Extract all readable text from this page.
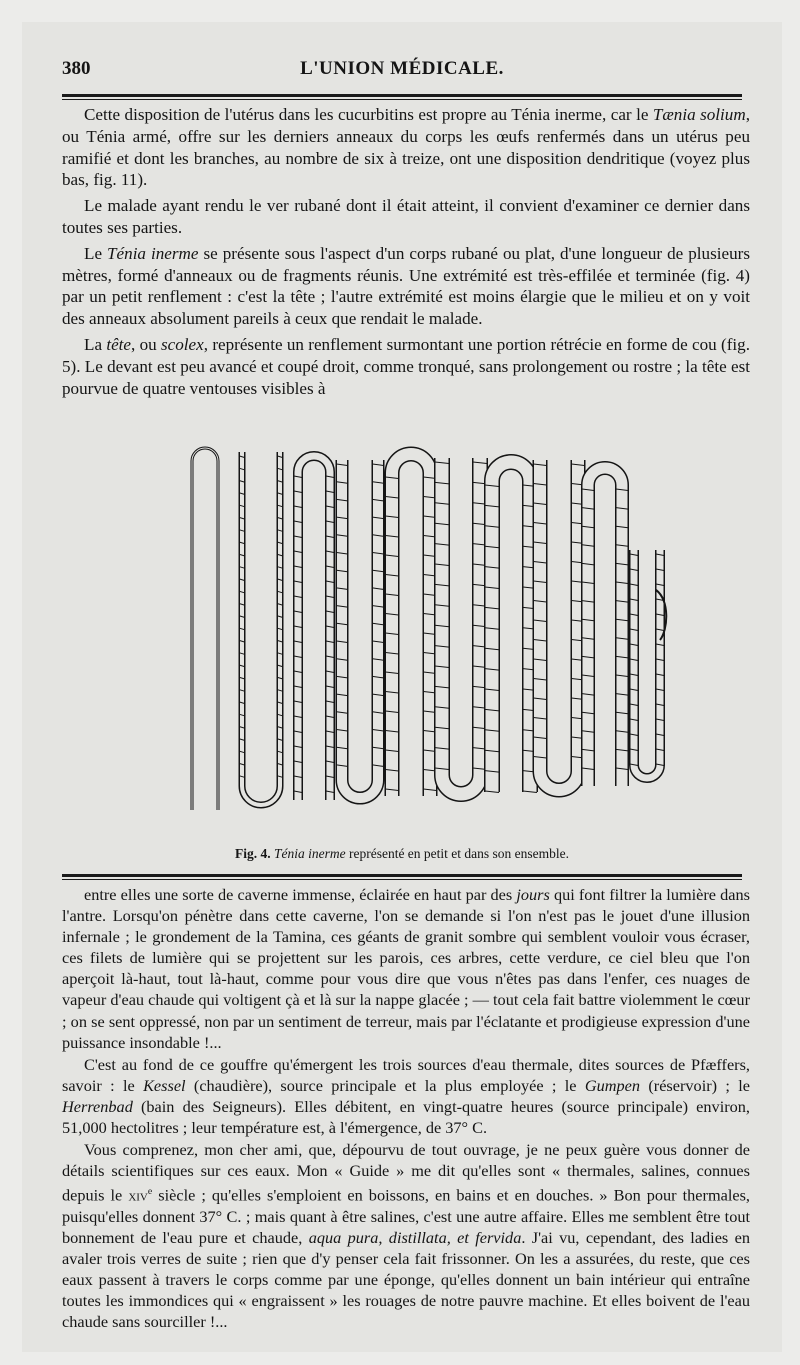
380	L'UNION MÉDICALE.

Cette disposition de l'utérus dans les cucurbitins est propre au Ténia inerme, car le Tænia solium, ou Ténia armé, offre sur les derniers anneaux du corps les œufs renfermés dans un utérus peu ramifié et dont les branches, au nombre de six à treize, ont une disposition dendritique (voyez plus bas, fig. 11).

Le malade ayant rendu le ver rubané dont il était atteint, il convient d'examiner ce dernier dans toutes ses parties.

Le Ténia inerme se présente sous l'aspect d'un corps rubané ou plat, d'une longueur de plusieurs mètres, formé d'anneaux ou de fragments réunis. Une extrémité est très-effilée et terminée (fig. 4) par un petit renflement : c'est la tête ; l'autre extrémité est moins élargie que le milieu et on y voit des anneaux absolument pareils à ceux que rendait le malade.

La tête, ou scolex, représente un renflement surmontant une portion rétrécie en forme de cou (fig. 5). Le devant est peu avancé et coupé droit, comme tronqué, sans prolongement ou rostre ; la tête est pourvue de quatre ventouses visibles à

Fig. 4. Ténia inerme représenté en petit et dans son ensemble.

entre elles une sorte de caverne immense, éclairée en haut par des jours qui font filtrer la lumière dans l'antre. Lorsqu'on pénètre dans cette caverne, l'on se demande si l'on n'est pas le jouet d'une illusion infernale ; le grondement de la Tamina, ces géants de granit sombre qui semblent vouloir vous écraser, ces filets de lumière qui se projettent sur les parois, ces arbres, cette verdure, ce ciel bleu que l'on aperçoit là-haut, tout là-haut, comme pour vous dire que vous n'êtes pas dans l'enfer, ces nuages de vapeur d'eau chaude qui voltigent çà et là sur la nappe glacée ; — tout cela fait battre violemment le cœur ; on se sent oppressé, non par un sentiment de terreur, mais par l'éclatante et prodigieuse expression d'une puissance insondable !...

C'est au fond de ce gouffre qu'émergent les trois sources d'eau thermale, dites sources de Pfæffers, savoir : le Kessel (chaudière), source principale et la plus employée ; le Gumpen (réservoir) ; le Herrenbad (bain des Seigneurs). Elles débitent, en vingt-quatre heures (source principale) environ, 51,000 hectolitres ; leur température est, à l'émergence, de 37° C.

Vous comprenez, mon cher ami, que, dépourvu de tout ouvrage, je ne peux guère vous donner de détails scientifiques sur ces eaux. Mon « Guide » me dit qu'elles sont « thermales, salines, connues depuis le xiv$^e$ siècle ; qu'elles s'emploient en boissons, en bains et en douches. » Bon pour thermales, puisqu'elles donnent 37° C. ; mais quant à être salines, c'est une autre affaire. Elles me semblent être tout bonnement de l'eau pure et chaude, aqua pura, distillata, et fervida. J'ai vu, cependant, des ladies en avaler trois verres de suite ; rien que d'y penser cela fait frissonner. On les a assurées, du reste, que ces eaux passent à travers le corps comme par une éponge, qu'elles donnent un bain intérieur qui entraîne toutes les immondices qui « engraissent » les rouages de notre pauvre machine. Et elles boivent de l'eau chaude sans sourciller !...
